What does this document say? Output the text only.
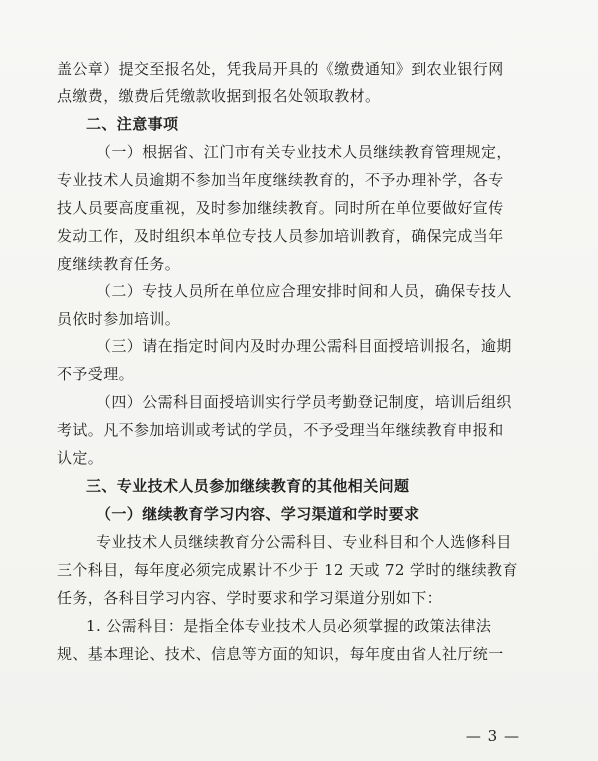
盖公章）提交至报名处，凭我局开具的《缴费通知》到农业银行网
点缴费，缴费后凭缴款收据到报名处领取教材。
二、注意事项
（一）根据省、江门市有关专业技术人员继续教育管理规定，
专业技术人员逾期不参加当年度继续教育的，不予办理补学，各专
技人员要高度重视，及时参加继续教育。同时所在单位要做好宣传
发动工作，及时组织本单位专技人员参加培训教育，确保完成当年
度继续教育任务。
（二）专技人员所在单位应合理安排时间和人员，确保专技人
员依时参加培训。
（三）请在指定时间内及时办理公需科目面授培训报名，逾期
不予受理。
（四）公需科目面授培训实行学员考勤登记制度，培训后组织
考试。凡不参加培训或考试的学员，不予受理当年继续教育申报和
认定。
三、专业技术人员参加继续教育的其他相关问题
（一）继续教育学习内容、学习渠道和学时要求
专业技术人员继续教育分公需科目、专业科目和个人选修科目
三个科目，每年度必须完成累计不少于 12 天或 72 学时的继续教育
任务，各科目学习内容、学时要求和学习渠道分别如下：
1. 公需科目：是指全体专业技术人员必须掌握的政策法律法
规、基本理论、技术、信息等方面的知识，每年度由省人社厅统一
— 3 —
